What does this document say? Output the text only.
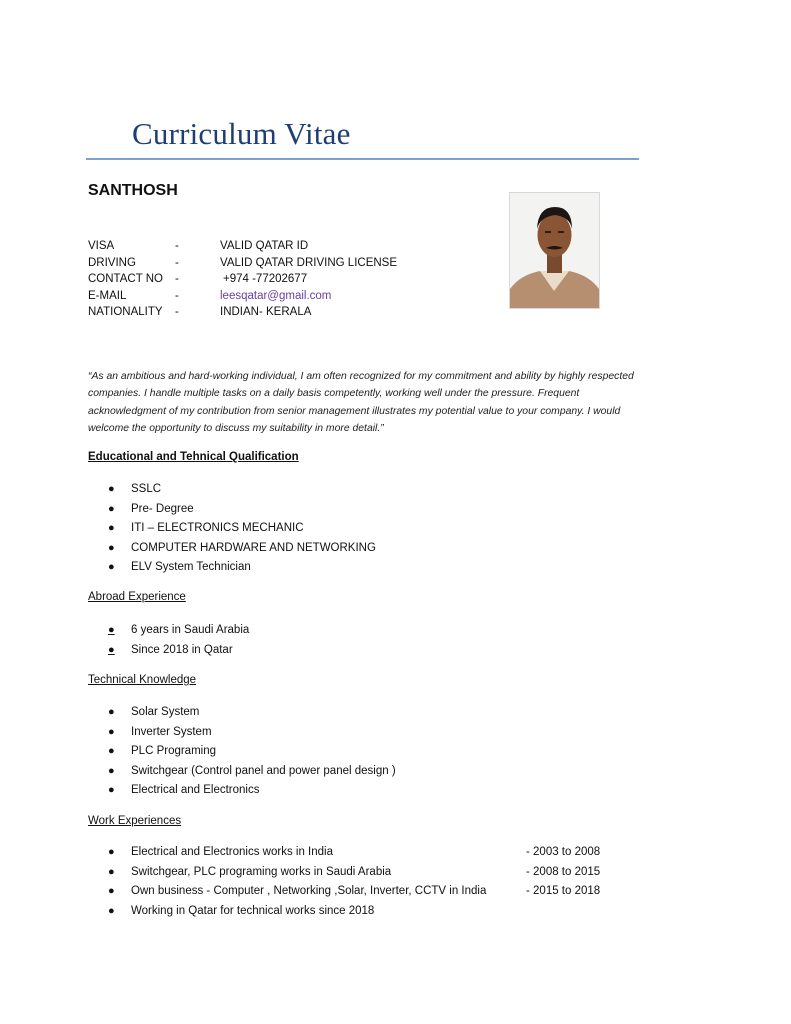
Curriculum Vitae
SANTHOSH
VISA	-	VALID QATAR ID
DRIVING	-	VALID QATAR DRIVING LICENSE
CONTACT NO -	+974 -77202677
E-MAIL	-	leesqatar@gmail.com
NATIONALITY -	INDIAN- KERALA
“As an ambitious and hard-working individual, I am often recognized for my commitment and ability by highly respected companies. I handle multiple tasks on a daily basis competently, working well under the pressure. Frequent acknowledgment of my contribution from senior management illustrates my potential value to your company. I would welcome the opportunity to discuss my suitability in more detail.”
Educational and Tehnical Qualification
● SSLC
● Pre- Degree
● ITI – ELECTRONICS MECHANIC
● COMPUTER HARDWARE AND NETWORKING
● ELV System Technician
Abroad Experience
● 6 years in Saudi Arabia
● Since 2018 in Qatar
Technical Knowledge
● Solar System
● Inverter System
● PLC Programing
● Switchgear (Control panel and power panel design )
● Electrical and Electronics
Work Experiences
● Electrical and Electronics works in India	- 2003 to 2008
● Switchgear, PLC programing works in Saudi Arabia	- 2008 to 2015
● Own business - Computer , Networking ,Solar, Inverter, CCTV in India	- 2015 to 2018
● Working in Qatar for technical works since 2018
